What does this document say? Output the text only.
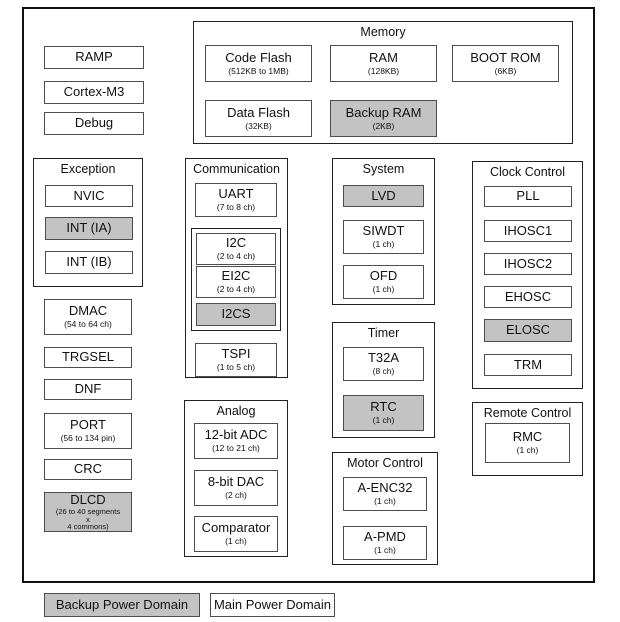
Memory
Exception	Communication
Analog
System
Timer
Motor Control
Clock Control
Remote Control
RAMP
Cortex-M3
Debug
Code Flash
(512KB to 1MB)
RAM
(128KB)
BOOT ROM
(6KB)
Data Flash
(32KB)
Backup RAM
(2KB)
NVIC
INT (IA)
INT (IB)
DMAC
(54 to 64 ch)
TRGSEL
DNF
PORT
(56 to 134 pin)
CRC
DLCD
(26 to 40 segments
x
4 commons)
UART
(7 to 8 ch)
I2C
(2 to 4 ch)
EI2C
(2 to 4 ch)
I2CS
TSPI
(1 to 5 ch)
12-bit ADC
(12 to 21 ch)
8-bit DAC
(2 ch)
Comparator
(1 ch)
LVD
SIWDT
(1 ch)
OFD
(1 ch)
T32A
(8 ch)
RTC
(1 ch)
A-ENC32
(1 ch)
A-PMD
(1 ch)
PLL
IHOSC1
IHOSC2
EHOSC
ELOSC
TRM
RMC
(1 ch)
Backup Power Domain	Main Power Domain
